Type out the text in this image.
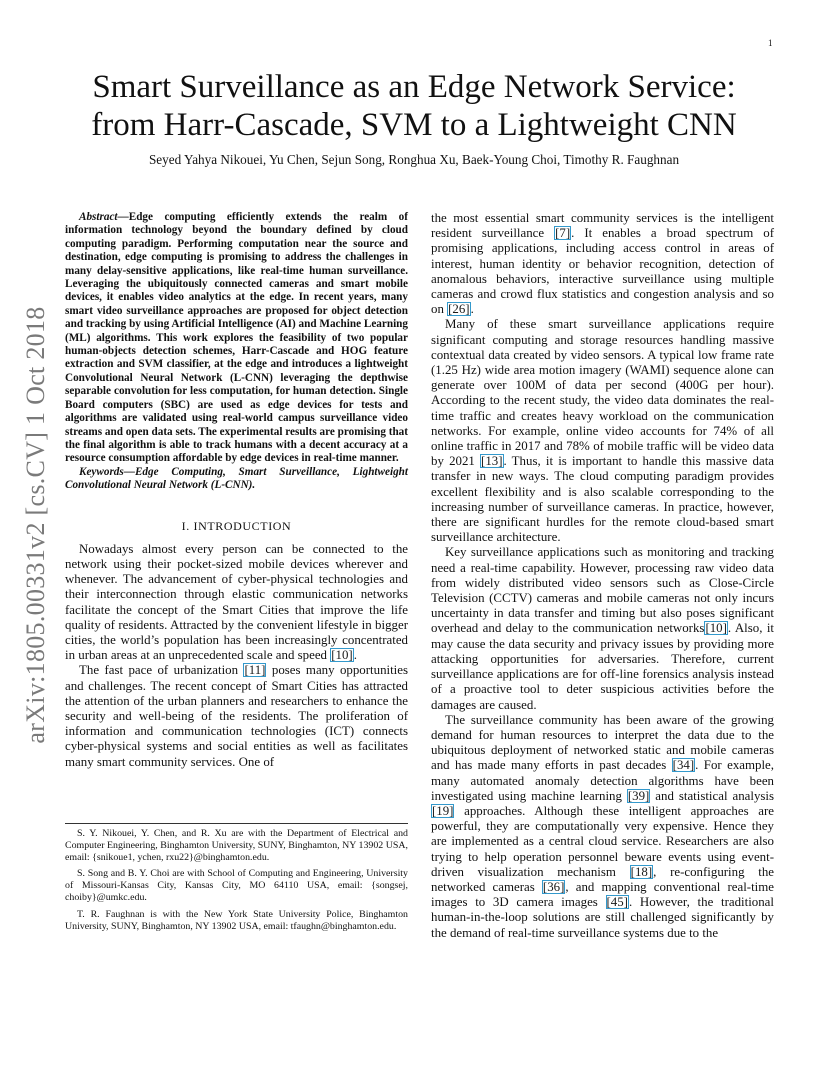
1
arXiv:1805.00331v2 [cs.CV] 1 Oct 2018
Smart Surveillance as an Edge Network Service:
from Harr-Cascade, SVM to a Lightweight CNN
Seyed Yahya Nikouei, Yu Chen, Sejun Song, Ronghua Xu, Baek-Young Choi, Timothy R. Faughnan

Abstract—Edge computing efficiently extends the realm of information technology beyond the boundary defined by cloud computing paradigm. Performing computation near the source and destination, edge computing is promising to address the challenges in many delay-sensitive applications, like real-time human surveillance. Leveraging the ubiquitously connected cameras and smart mobile devices, it enables video analytics at the edge. In recent years, many smart video surveillance approaches are proposed for object detection and tracking by using Artificial Intelligence (AI) and Machine Learning (ML) algorithms. This work explores the feasibility of two popular human-objects detection schemes, Harr-Cascade and HOG feature extraction and SVM classifier, at the edge and introduces a lightweight Convolutional Neural Network (L-CNN) leveraging the depthwise separable convolution for less computation, for human detection. Single Board computers (SBC) are used as edge devices for tests and algorithms are validated using real-world campus surveillance video streams and open data sets. The experimental results are promising that the final algorithm is able to track humans with a decent accuracy at a resource consumption affordable by edge devices in real-time manner.

Keywords—Edge Computing, Smart Surveillance, Lightweight Convolutional Neural Network (L-CNN).

I. INTRODUCTION

Nowadays almost every person can be connected to the network using their pocket-sized mobile devices wherever and whenever. The advancement of cyber-physical technologies and their interconnection through elastic communication networks facilitate the concept of the Smart Cities that improve the life quality of residents. Attracted by the convenient lifestyle in bigger cities, the world’s population has been increasingly concentrated in urban areas at an unprecedented scale and speed [10].

The fast pace of urbanization [11] poses many opportunities and challenges. The recent concept of Smart Cities has attracted the attention of the urban planners and researchers to enhance the security and well-being of the residents. The proliferation of information and communication technologies (ICT) connects cyber-physical systems and social entities as well as facilitates many smart community services. One of

S. Y. Nikouei, Y. Chen, and R. Xu are with the Department of Electrical and Computer Engineering, Binghamton University, SUNY, Binghamton, NY 13902 USA, email: {snikoue1, ychen, rxu22}@binghamton.edu.

S. Song and B. Y. Choi are with School of Computing and Engineering, University of Missouri-Kansas City, Kansas City, MO 64110 USA, email: {songsej, choiby}@umkc.edu.

T. R. Faughnan is with the New York State University Police, Binghamton University, SUNY, Binghamton, NY 13902 USA, email: tfaughn@binghamton.edu.

the most essential smart community services is the intelligent resident surveillance [7]. It enables a broad spectrum of promising applications, including access control in areas of interest, human identity or behavior recognition, detection of anomalous behaviors, interactive surveillance using multiple cameras and crowd flux statistics and congestion analysis and so on [26].

Many of these smart surveillance applications require significant computing and storage resources handling massive contextual data created by video sensors. A typical low frame rate (1.25 Hz) wide area motion imagery (WAMI) sequence alone can generate over 100M of data per second (400G per hour). According to the recent study, the video data dominates the real-time traffic and creates heavy workload on the communication networks. For example, online video accounts for 74% of all online traffic in 2017 and 78% of mobile traffic will be video data by 2021 [13]. Thus, it is important to handle this massive data transfer in new ways. The cloud computing paradigm provides excellent flexibility and is also scalable corresponding to the increasing number of surveillance cameras. In practice, however, there are significant hurdles for the remote cloud-based smart surveillance architecture.

Key surveillance applications such as monitoring and tracking need a real-time capability. However, processing raw video data from widely distributed video sensors such as Close-Circle Television (CCTV) cameras and mobile cameras not only incurs uncertainty in data transfer and timing but also poses significant overhead and delay to the communication networks[10]. Also, it may cause the data security and privacy issues by providing more attacking opportunities for adversaries. Therefore, current surveillance applications are for off-line forensics analysis instead of a proactive tool to deter suspicious activities before the damages are caused.

The surveillance community has been aware of the growing demand for human resources to interpret the data due to the ubiquitous deployment of networked static and mobile cameras and has made many efforts in past decades [34]. For example, many automated anomaly detection algorithms have been investigated using machine learning [39] and statistical analysis [19] approaches. Although these intelligent approaches are powerful, they are computationally very expensive. Hence they are implemented as a central cloud service. Researchers are also trying to help operation personnel beware events using event-driven visualization mechanism [18], re-configuring the networked cameras [36], and mapping conventional real-time images to 3D camera images [45]. However, the traditional human-in-the-loop solutions are still challenged significantly by the demand of real-time surveillance systems due to the
